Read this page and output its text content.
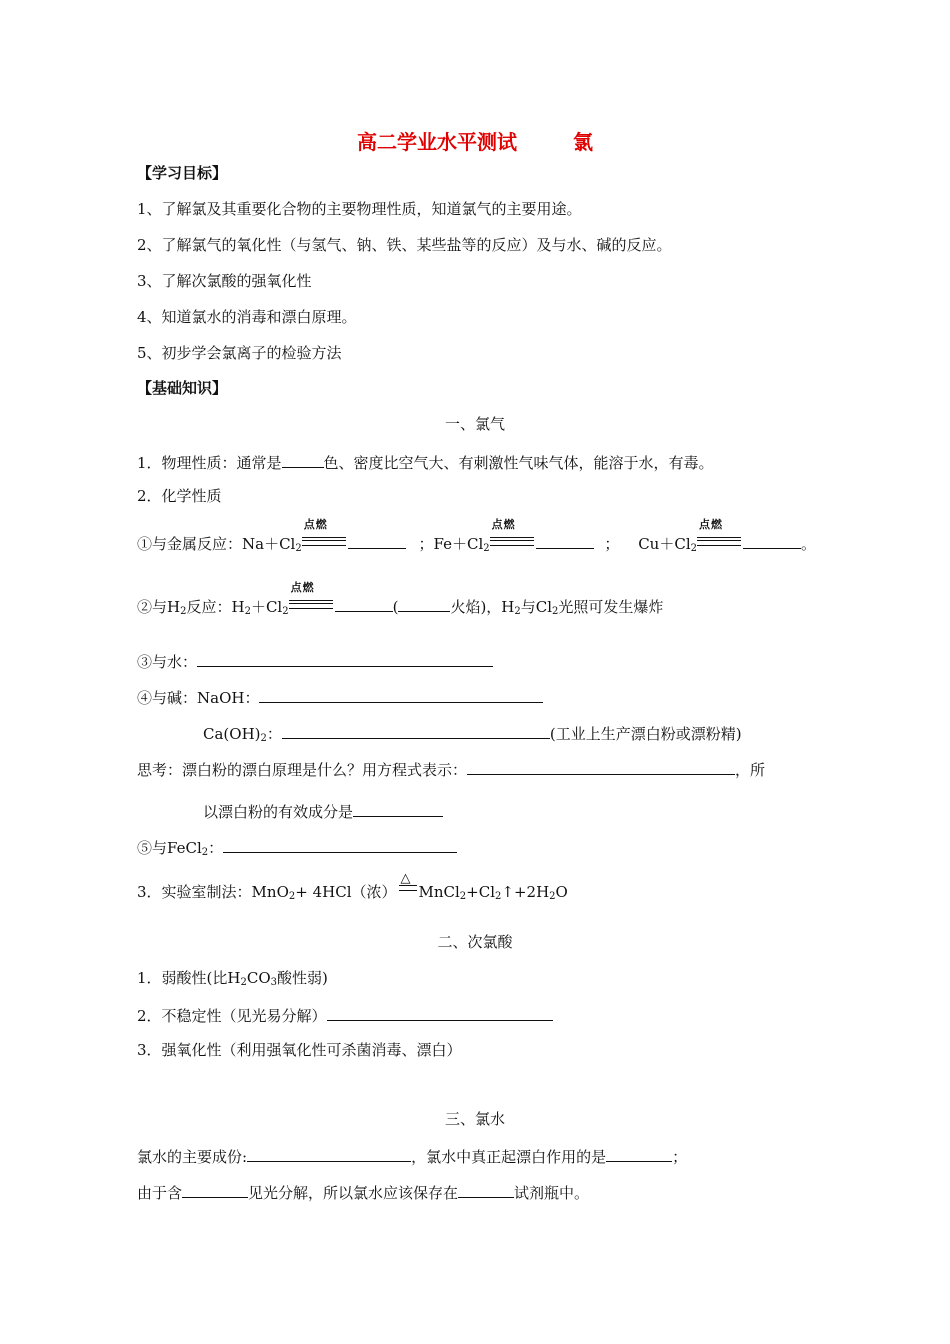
高二学业水平测试	氯
【学习目标】
1、了解氯及其重要化合物的主要物理性质，知道氯气的主要用途。
2、了解氯气的氧化性（与氢气、钠、铁、某些盐等的反应）及与水、碱的反应。
3、了解次氯酸的强氧化性
4、知道氯水的消毒和漂白原理。
5、初步学会氯离子的检验方法
【基础知识】
一、氯气
1．物理性质：通常是	色、密度比空气大、有刺激性气味气体，能溶于水，有毒。
2．化学性质
①与金属反应：$Na+Cl_2$
点燃
；$Fe+Cl_2$
点燃
； $Cu+Cl_2$
点燃
。
②与$H_2$反应：$H_2+Cl_2$
点燃
(	火焰)，$H_2$与$Cl_2$光照可发生爆炸
③与水：
④与碱：NaOH：
$Ca(OH)_2$：	(工业上生产漂白粉或漂粉精)
思考：漂白粉的漂白原理是什么？用方程式表示：	，所
以漂白粉的有效成分是
⑤与FeCl$_2$：
3．实验室制法：MnO$_2$+ 4HCl（浓）
△
$MnCl_2+Cl_2↑+2H_2O$
二、次氯酸
1．弱酸性(比$H_2CO_3$酸性弱)
2．不稳定性（见光易分解）
3．强氧化性（利用强氧化性可杀菌消毒、漂白）
三、氯水
氯水的主要成份:	，氯水中真正起漂白作用的是	；
由于含	见光分解，所以氯水应该保存在	试剂瓶中。
